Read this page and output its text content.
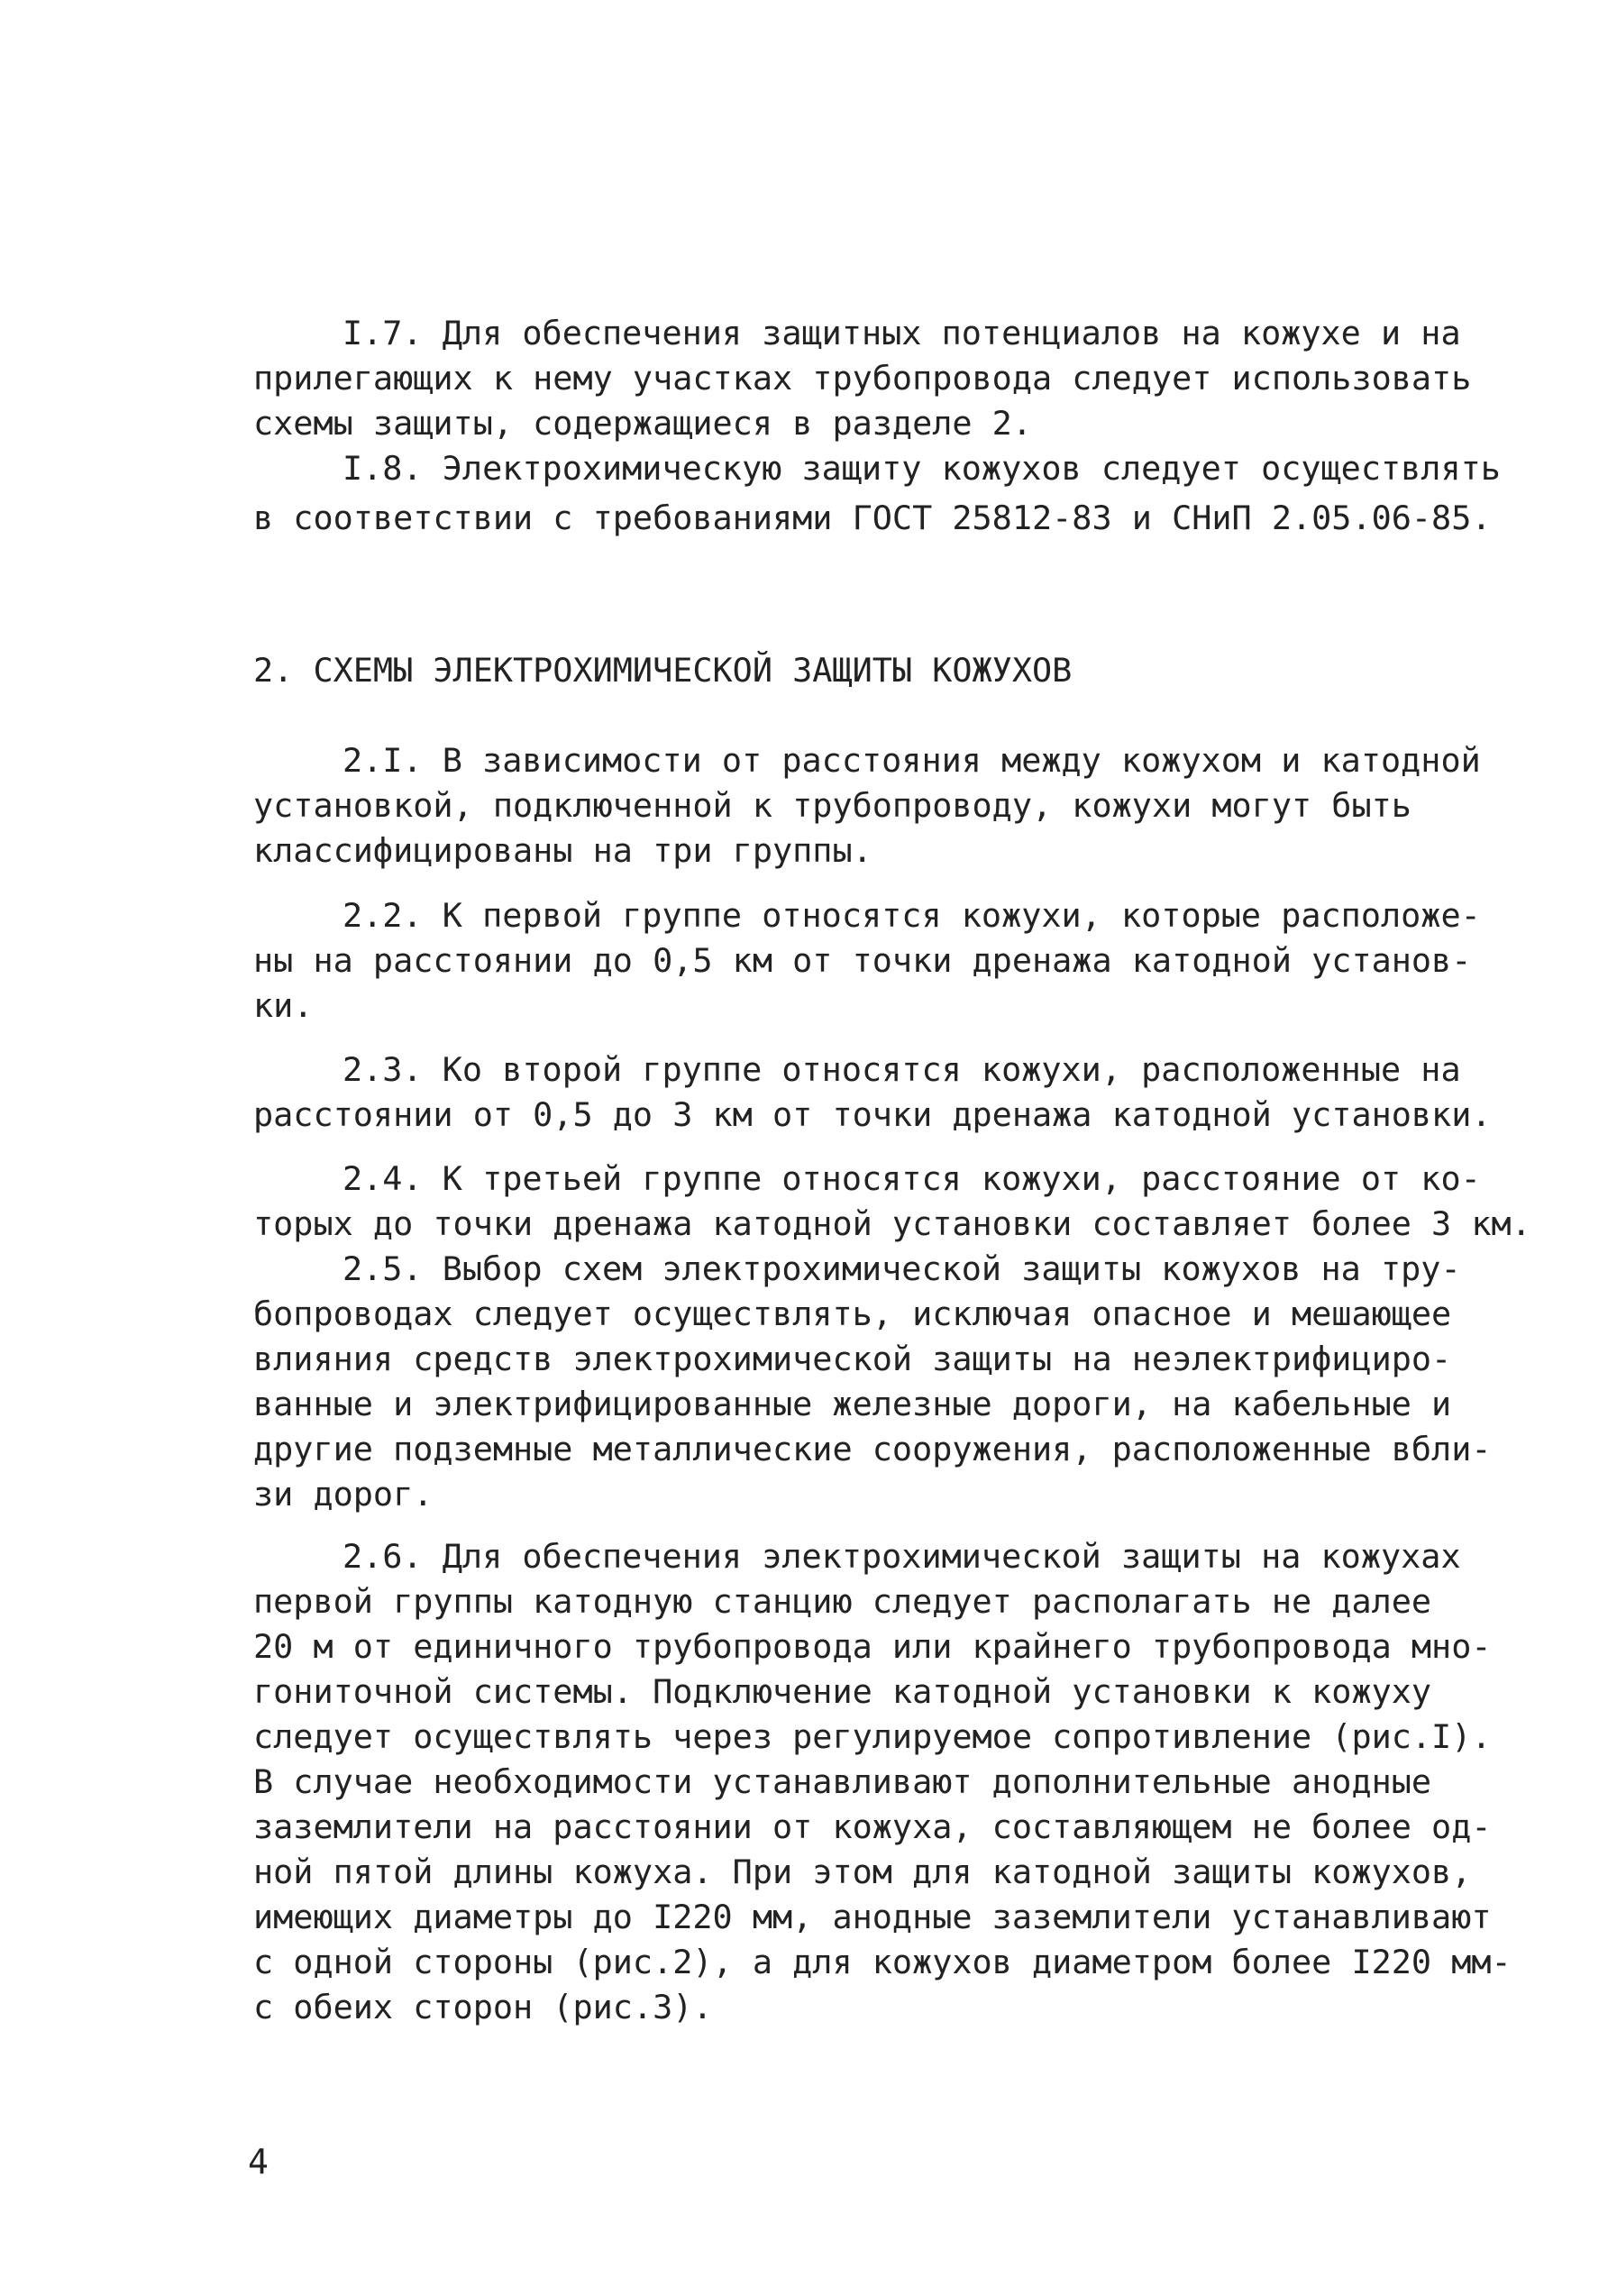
I.7. Для обеспечения защитных потенциалов на кожухе и на
прилегающих к нему участках трубопровода следует использовать
схемы защиты, содержащиеся в разделе 2.
I.8. Электрохимическую защиту кожухов следует осуществлять
в соответствии с требованиями ГОСТ 25812-83 и СНиП 2.05.06-85.
2. СХЕМЫ ЭЛЕКТРОХИМИЧЕСКОЙ ЗАЩИТЫ КОЖУХОВ
2.I. В зависимости от расстояния между кожухом и катодной
установкой, подключенной к трубопроводу, кожухи могут быть
классифицированы на три группы.
2.2. К первой группе относятся кожухи, которые расположе-
ны на расстоянии до 0,5 км от точки дренажа катодной установ-
ки.
2.3. Ко второй группе относятся кожухи, расположенные на
расстоянии от 0,5 до 3 км от точки дренажа катодной установки.
2.4. К третьей группе относятся кожухи, расстояние от ко-
торых до точки дренажа катодной установки составляет более 3 км.
2.5. Выбор схем электрохимической защиты кожухов на тру-
бопроводах следует осуществлять, исключая опасное и мешающее
влияния средств электрохимической защиты на неэлектрифициро-
ванные и электрифицированные железные дороги, на кабельные и
другие подземные металлические сооружения, расположенные вбли-
зи дорог.
2.6. Для обеспечения электрохимической защиты на кожухах
первой группы катодную станцию следует располагать не далее
20 м от единичного трубопровода или крайнего трубопровода мно-
гониточной системы. Подключение катодной установки к кожуху
следует осуществлять через регулируемое сопротивление (рис.I).
В случае необходимости устанавливают дополнительные анодные
заземлители на расстоянии от кожуха, составляющем не более од-
ной пятой длины кожуха. При этом для катодной защиты кожухов,
имеющих диаметры до I220 мм, анодные заземлители устанавливают
с одной стороны (рис.2), а для кожухов диаметром более I220 мм-
с обеих сторон (рис.3).
4
